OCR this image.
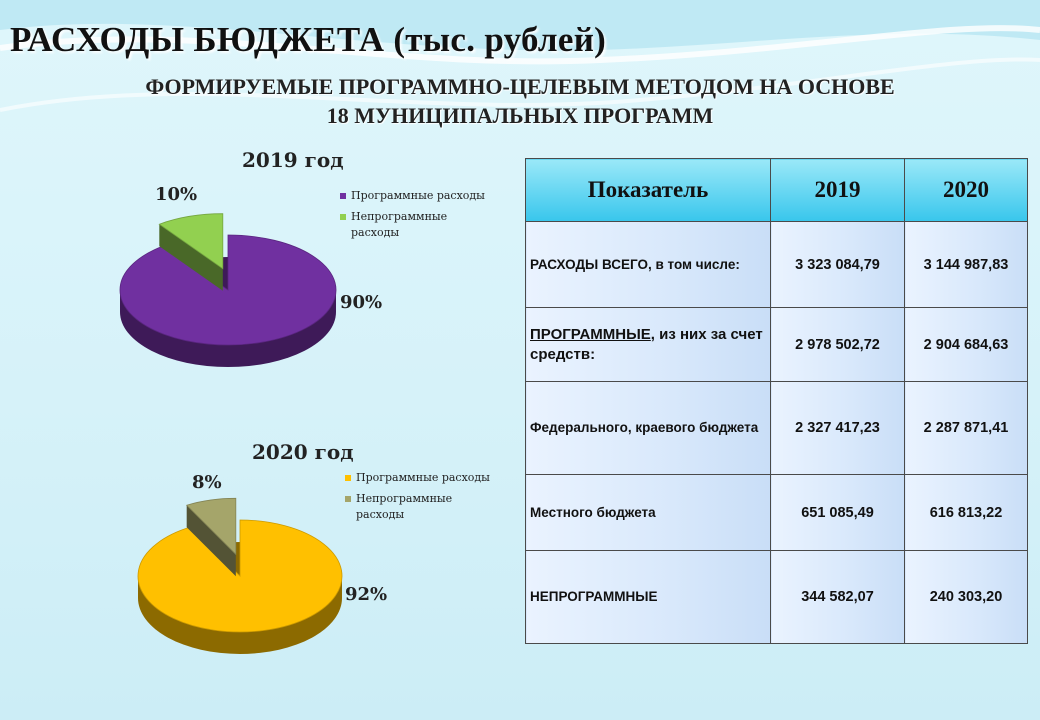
РАСХОДЫ БЮДЖЕТА (тыс. рублей)
ФОРМИРУЕМЫЕ ПРОГРАММНО-ЦЕЛЕВЫМ МЕТОДОМ НА ОСНОВЕ
18 МУНИЦИПАЛЬНЫХ ПРОГРАММ
2019 год
10%
90%
Программные расходы
Непрограммные расходы
2020 год
8%
92%
Программные расходы
Непрограммные расходы
Показатель	2019	2020
РАСХОДЫ ВСЕГО, в том числе:	3 323 084,79	3 144 987,83
ПРОГРАММНЫЕ, из них за счет средств:	2 978 502,72	2 904 684,63
Федерального, краевого бюджета	2 327 417,23	2 287 871,41
Местного бюджета	651 085,49	616 813,22
НЕПРОГРАММНЫЕ	344 582,07	240 303,20
